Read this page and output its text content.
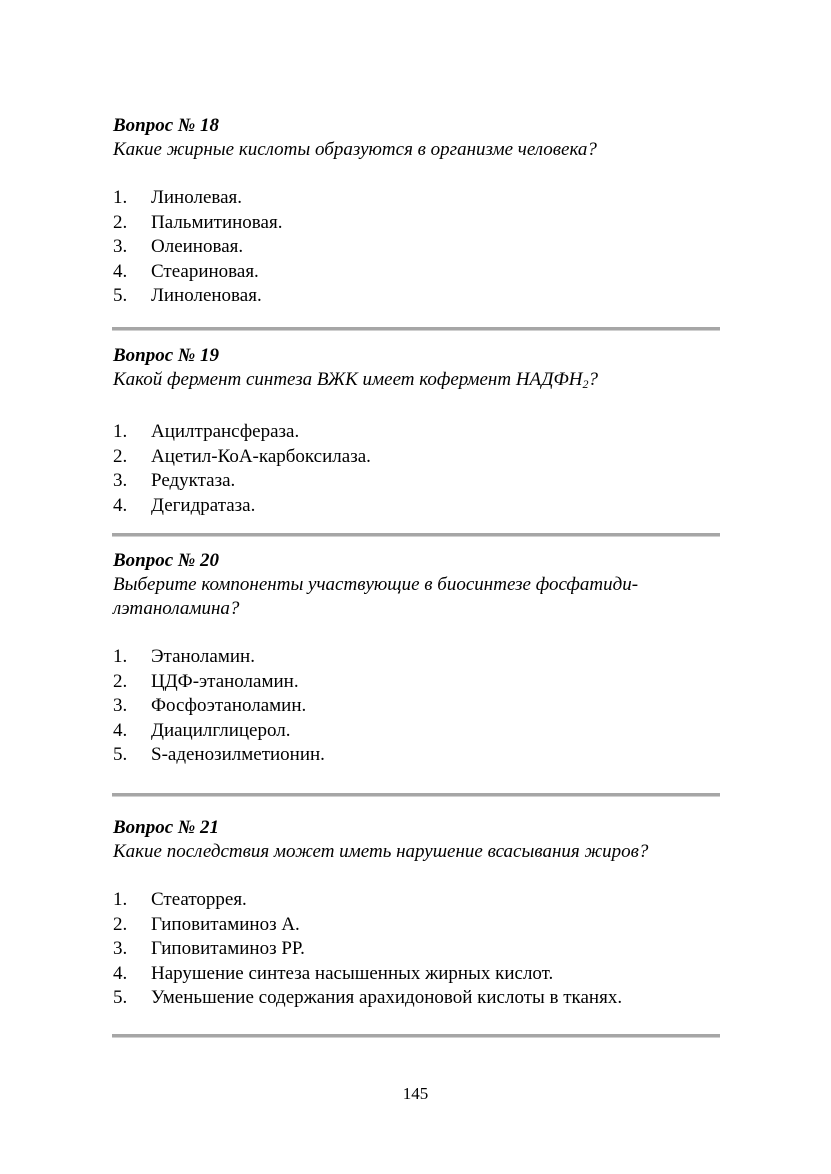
Вопрос № 18

Какие жирные кислоты образуются в организме человека?

1. Линолевая.
2. Пальмитиновая.
3. Олеиновая.
4. Стеариновая.
5. Линоленовая.

Вопрос № 19

Какой фермент синтеза ВЖК имеет кофермент $НАДФН_2$?

1. Ацилтрансфераза.
2. Ацетил-КоА-карбоксилаза.
3. Редуктаза.
4. Дегидратаза.

Вопрос № 20

Выберите компоненты участвующие в биосинтезе фосфатиди-

лэтаноламина?

1. Этаноламин.
2. ЦДФ-этаноламин.
3. Фосфоэтаноламин.
4. Диацилглицерол.
5. S-аденозилметионин.

Вопрос № 21

Какие последствия может иметь нарушение всасывания жиров?

1. Стеаторрея.
2. Гиповитаминоз А.
3. Гиповитаминоз РР.
4. Нарушение синтеза насышенных жирных кислот.
5. Уменьшение содержания арахидоновой кислоты в тканях.
145
